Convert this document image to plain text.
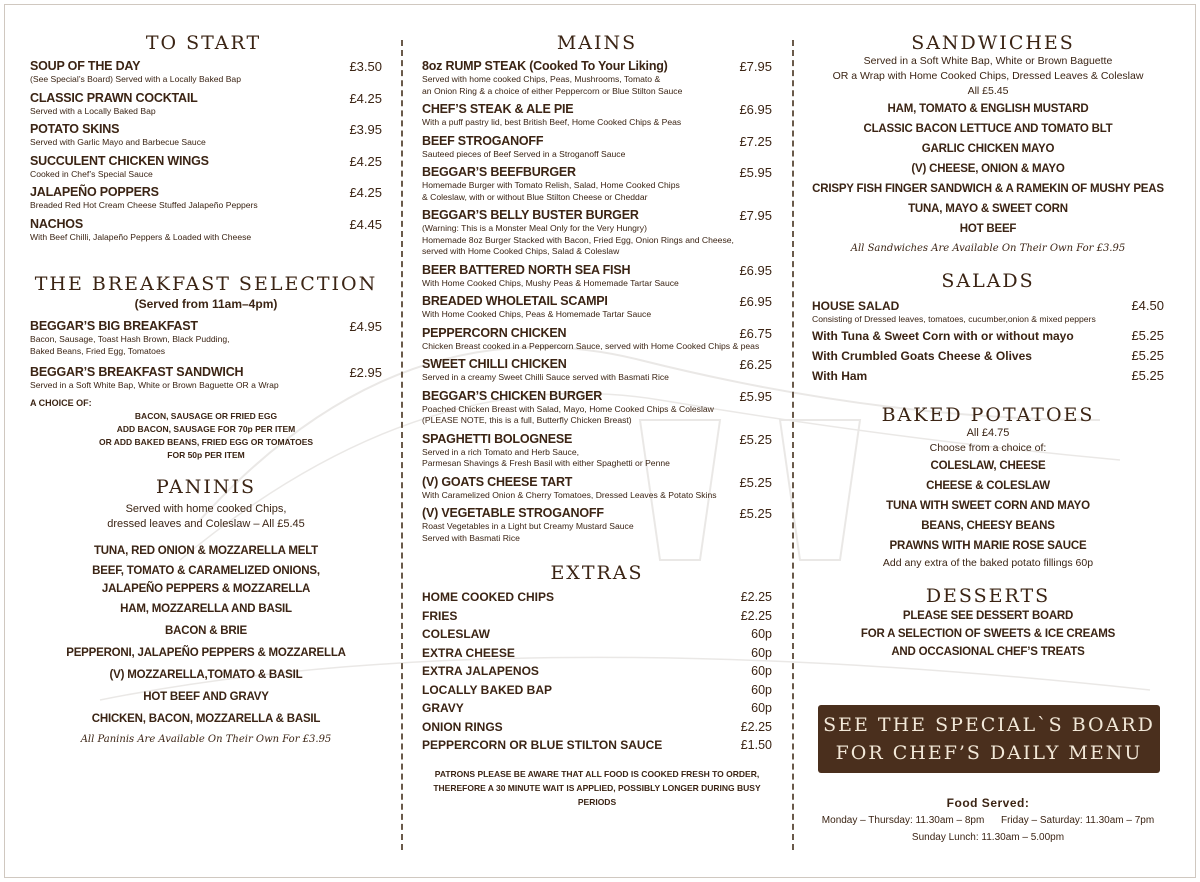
TO START
SOUP OF THE DAY	£3.50
(See Special’s Board) Served with a Locally Baked Bap
CLASSIC PRAWN COCKTAIL	£4.25
Served with a Locally Baked Bap
POTATO SKINS	£3.95
Served with Garlic Mayo and Barbecue Sauce
SUCCULENT CHICKEN WINGS	£4.25
Cooked in Chef’s Special Sauce
JALAPEÑO POPPERS	£4.25
Breaded Red Hot Cream Cheese Stuffed Jalapeño Peppers
NACHOS	£4.45
With Beef Chilli, Jalapeño Peppers & Loaded with Cheese
THE BREAKFAST SELECTION
(Served from 11am–4pm)
BEGGAR’S BIG BREAKFAST	£4.95
Bacon, Sausage, Toast Hash Brown, Black Pudding,
Baked Beans, Fried Egg, Tomatoes
BEGGAR’S BREAKFAST SANDWICH	£2.95
Served in a Soft White Bap, White or Brown Baguette OR a Wrap
A CHOICE OF:
BACON, SAUSAGE OR FRIED EGG
ADD BACON, SAUSAGE FOR 70p PER ITEM
OR ADD BAKED BEANS, FRIED EGG OR TOMATOES
FOR 50p PER ITEM
PANINIS
Served with home cooked Chips,
dressed leaves and Coleslaw – All £5.45
TUNA, RED ONION & MOZZARELLA MELT
BEEF, TOMATO & CARAMELIZED ONIONS,
JALAPEÑO PEPPERS & MOZZARELLA
HAM, MOZZARELLA AND BASIL
BACON & BRIE
PEPPERONI, JALAPEÑO PEPPERS & MOZZARELLA
(V) MOZZARELLA,TOMATO & BASIL
HOT BEEF AND GRAVY
CHICKEN, BACON, MOZZARELLA & BASIL
All Paninis Are Available On Their Own For £3.95
MAINS
8oz RUMP STEAK (Cooked To Your Liking)	£7.95
Served with home cooked Chips, Peas, Mushrooms, Tomato &
an Onion Ring & a choice of either Peppercorn or Blue Stilton Sauce
CHEF’S STEAK & ALE PIE	£6.95
With a puff pastry lid, best British Beef, Home Cooked Chips & Peas
BEEF STROGANOFF	£7.25
Sauteed pieces of Beef Served in a Stroganoff Sauce
BEGGAR’S BEEFBURGER	£5.95
Homemade Burger with Tomato Relish, Salad, Home Cooked Chips
& Coleslaw, with or without Blue Stilton Cheese or Cheddar
BEGGAR’S BELLY BUSTER BURGER	£7.95
(Warning: This is a Monster Meal Only for the Very Hungry)
Homemade 8oz Burger Stacked with Bacon, Fried Egg, Onion Rings and Cheese,
served with Home Cooked Chips, Salad & Coleslaw
BEER BATTERED NORTH SEA FISH	£6.95
With Home Cooked Chips, Mushy Peas & Homemade Tartar Sauce
BREADED WHOLETAIL SCAMPI	£6.95
With Home Cooked Chips, Peas & Homemade Tartar Sauce
PEPPERCORN CHICKEN	£6.75
Chicken Breast cooked in a Peppercorn Sauce, served with Home Cooked Chips & peas
SWEET CHILLI CHICKEN	£6.25
Served in a creamy Sweet Chilli Sauce served with Basmati Rice
BEGGAR’S CHICKEN BURGER	£5.95
Poached Chicken Breast with Salad, Mayo, Home Cooked Chips & Coleslaw
(PLEASE NOTE, this is a full, Butterfly Chicken Breast)
SPAGHETTI BOLOGNESE	£5.25
Served in a rich Tomato and Herb Sauce,
Parmesan Shavings & Fresh Basil with either Spaghetti or Penne
(V) GOATS CHEESE TART	£5.25
With Caramelized Onion & Cherry Tomatoes, Dressed Leaves & Potato Skins
(V) VEGETABLE STROGANOFF	£5.25
Roast Vegetables in a Light but Creamy Mustard Sauce
Served with Basmati Rice
EXTRAS
HOME COOKED CHIPS	£2.25
FRIES	£2.25
COLESLAW	60p
EXTRA CHEESE	60p
EXTRA JALAPENOS	60p
LOCALLY BAKED BAP	60p
GRAVY	60p
ONION RINGS	£2.25
PEPPERCORN OR BLUE STILTON SAUCE	£1.50
PATRONS PLEASE BE AWARE THAT ALL FOOD IS COOKED FRESH TO ORDER,
THEREFORE A 30 MINUTE WAIT IS APPLIED, POSSIBLY LONGER DURING BUSY PERIODS
SANDWICHES
Served in a Soft White Bap, White or Brown Baguette
OR a Wrap with Home Cooked Chips, Dressed Leaves & Coleslaw
All £5.45
HAM, TOMATO & ENGLISH MUSTARD
CLASSIC BACON LETTUCE AND TOMATO BLT
GARLIC CHICKEN MAYO
(V) CHEESE, ONION & MAYO
CRISPY FISH FINGER SANDWICH & A RAMEKIN OF MUSHY PEAS
TUNA, MAYO & SWEET CORN
HOT BEEF
All Sandwiches Are Available On Their Own For £3.95
SALADS
HOUSE SALAD	£4.50
Consisting of Dressed leaves, tomatoes, cucumber,onion & mixed peppers
With Tuna & Sweet Corn with or without mayo	£5.25
With Crumbled Goats Cheese & Olives	£5.25
With Ham	£5.25
BAKED POTATOES
All £4.75
Choose from a choice of:
COLESLAW, CHEESE
CHEESE & COLESLAW
TUNA WITH SWEET CORN AND MAYO
BEANS, CHEESY BEANS
PRAWNS WITH MARIE ROSE SAUCE
Add any extra of the baked potato fillings 60p
DESSERTS
PLEASE SEE DESSERT BOARD
FOR A SELECTION OF SWEETS & ICE CREAMS
AND OCCASIONAL CHEF’S TREATS
SEE THE SPECIAL`S BOARD
FOR CHEF’S DAILY MENU
Food Served:
Monday – Thursday: 11.30am – 8pm      Friday – Saturday: 11.30am – 7pm
Sunday Lunch: 11.30am – 5.00pm
